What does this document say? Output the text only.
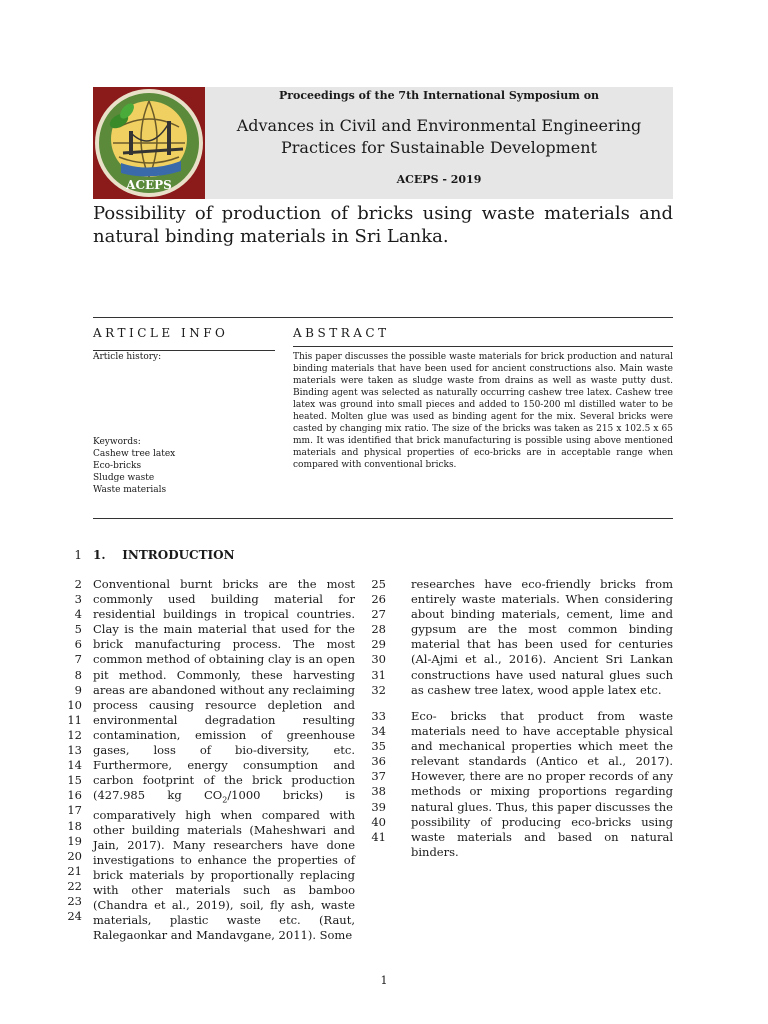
ACEPS
Proceedings of the 7th International Symposium on
Advances in Civil and Environmental Engineering
Practices for Sustainable Development
ACEPS - 2019
Possibility of production of bricks using waste materials and natural binding materials in Sri Lanka.
ARTICLE INFO	ABSTRACT
Article history:
Keywords:
Cashew tree latex
Eco-bricks
Sludge waste
Waste materials
This paper discusses the possible waste materials for brick production and natural binding materials that have been used for ancient constructions also. Main waste materials were taken as sludge waste from drains as well as waste putty dust. Binding agent was selected as naturally occurring cashew tree latex. Cashew tree latex was ground into small pieces and added to 150-200 ml distilled water to be heated. Molten glue was used as binding agent for the mix. Several bricks were casted by changing mix ratio. The size of the bricks was taken as 215 x 102.5 x 65 mm. It was identified that brick manufacturing is possible using above mentioned materials and physical properties of eco-bricks are in acceptable range when compared with conventional bricks.
1 1. INTRODUCTION
2
3
4
5
6
7
8
9
10
11
12
13
14
15
16
17
18
19
20
21
22
23
24
Conventional burnt bricks are the most commonly used building material for residential buildings in tropical countries. Clay is the main material that used for the brick manufacturing process. The most common method of obtaining clay is an open pit method. Commonly, these harvesting areas are abandoned without any reclaiming process causing resource depletion and environmental degradation resulting contamination, emission of greenhouse gases, loss of bio-diversity, etc. Furthermore, energy consumption and carbon footprint of the brick production (427.985 kg $CO_2/1000$ bricks) is comparatively high when compared with other building materials (Maheshwari and Jain, 2017). Many researchers have done investigations to enhance the properties of brick materials by proportionally replacing with other materials such as bamboo (Chandra et al., 2019), soil, fly ash, waste materials, plastic waste etc. (Raut, Ralegaonkar and Mandavgane, 2011). Some
25
26
27
28
29
30
31
32
researches have eco-friendly bricks from entirely waste materials. When considering about binding materials, cement, lime and gypsum are the most common binding material that has been used for centuries (Al-Ajmi et al., 2016). Ancient Sri Lankan constructions have used natural glues such as cashew tree latex, wood apple latex etc.
33
34
35
36
37
38
39
40
41
Eco- bricks that product from waste materials need to have acceptable physical and mechanical properties which meet the relevant standards (Antico et al., 2017). However, there are no proper records of any methods or mixing proportions regarding natural glues. Thus, this paper discusses the possibility of producing eco-bricks using waste materials and based on natural binders.
1
